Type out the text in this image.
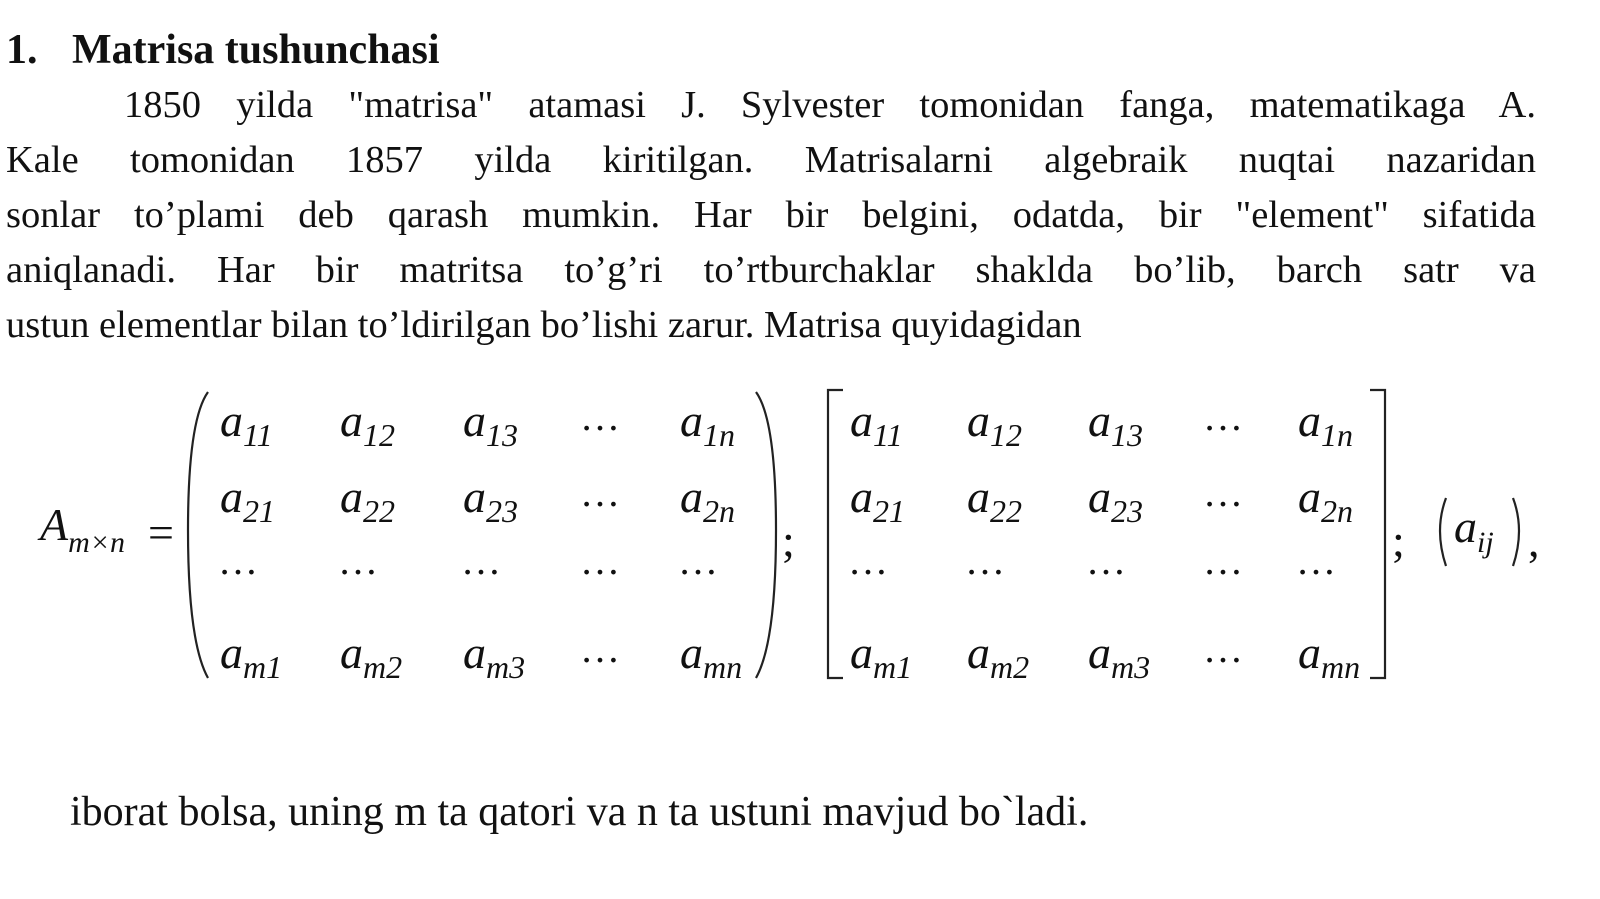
1. Matrisa tushunchasi
1850 yilda "matrisa" atamasi J. Sylvester tomonidan fanga, matematikaga A.
Kale tomonidan 1857 yilda kiritilgan. Matrisalarni algebraik nuqtai nazaridan
sonlar to’plami deb qarash mumkin. Har bir belgini, odatda, bir "element" sifatida
aniqlanadi. Har bir matritsa to’g’ri to’rtburchaklar shaklda bo’lib, barch satr va
ustun elementlar bilan to’ldirilgan bo’lishi zarur. Matrisa quyidagidan
$A_{m\times n}$ =
$a_{11}$ $a_{12}$ $a_{13}$ … $a_{1n}$
$a_{21}$ $a_{22}$ $a_{23}$ … $a_{2n}$
… … … … …
$a_{m1}$ $a_{m2}$ $a_{m3}$ … $a_{mn}$
;
$a_{11}$ $a_{12}$ $a_{13}$ … $a_{1n}$
$a_{21}$ $a_{22}$ $a_{23}$ … $a_{2n}$
… … … … …
$a_{m1}$ $a_{m2}$ $a_{m3}$ … $a_{mn}$
; $a_{ij}$ ,
iborat bolsa, uning m ta qatori va n ta ustuni mavjud bo`ladi.
